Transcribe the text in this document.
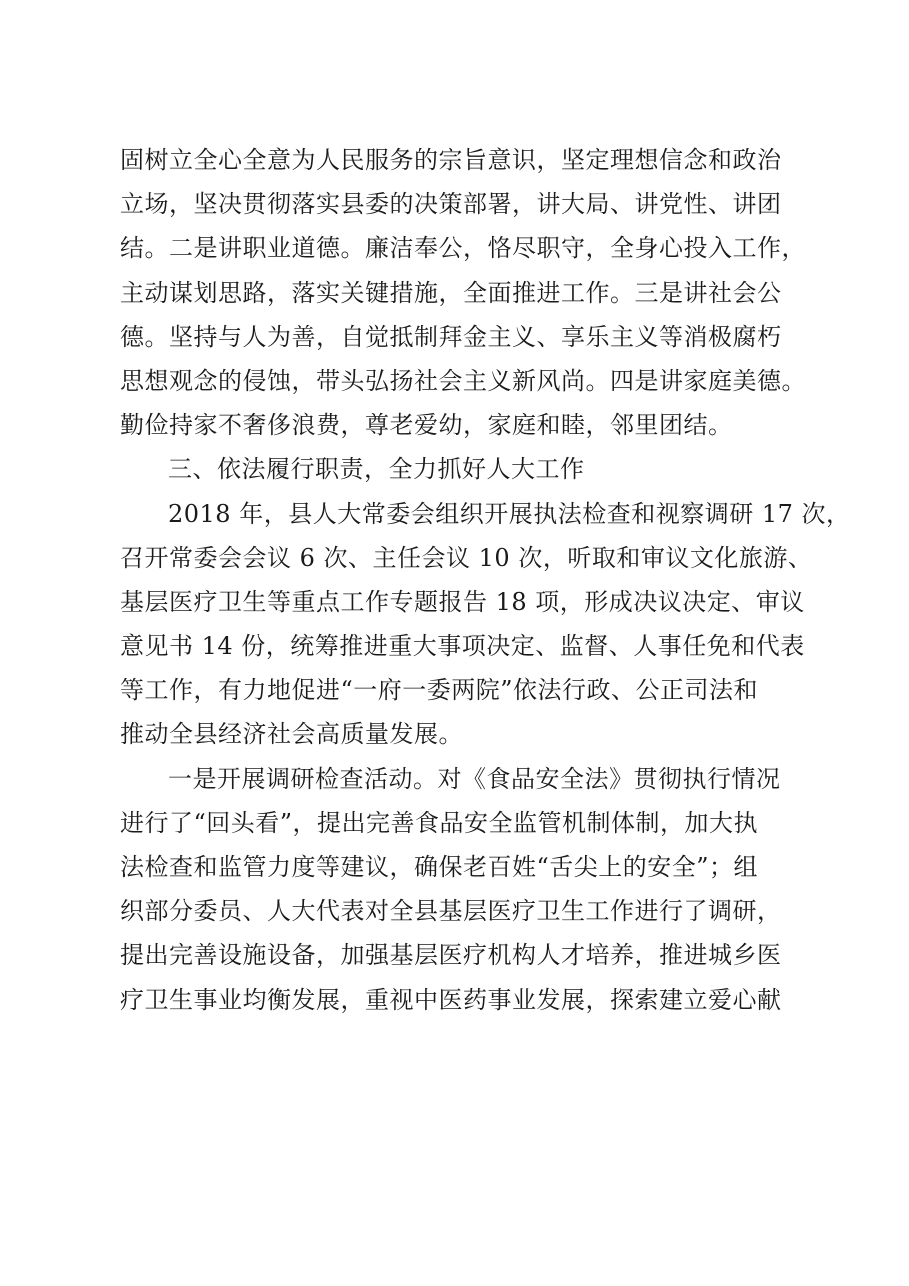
固树立全心全意为人民服务的宗旨意识，坚定理想信念和政治
立场，坚决贯彻落实县委的决策部署，讲大局、讲党性、讲团
结。二是讲职业道德。廉洁奉公，恪尽职守，全身心投入工作，
主动谋划思路，落实关键措施，全面推进工作。三是讲社会公
德。坚持与人为善，自觉抵制拜金主义、享乐主义等消极腐朽
思想观念的侵蚀，带头弘扬社会主义新风尚。四是讲家庭美德。
勤俭持家不奢侈浪费，尊老爱幼，家庭和睦，邻里团结。
三、依法履行职责，全力抓好人大工作
2018 年，县人大常委会组织开展执法检查和视察调研 17 次，
召开常委会会议 6 次、主任会议 10 次，听取和审议文化旅游、
基层医疗卫生等重点工作专题报告 18 项，形成决议决定、审议
意见书 14 份，统筹推进重大事项决定、监督、人事任免和代表
等工作，有力地促进“一府一委两院”依法行政、公正司法和
推动全县经济社会高质量发展。
一是开展调研检查活动。对《食品安全法》贯彻执行情况
进行了“回头看”，提出完善食品安全监管机制体制，加大执
法检查和监管力度等建议，确保老百姓“舌尖上的安全”；组
织部分委员、人大代表对全县基层医疗卫生工作进行了调研，
提出完善设施设备，加强基层医疗机构人才培养，推进城乡医
疗卫生事业均衡发展，重视中医药事业发展，探索建立爱心献
